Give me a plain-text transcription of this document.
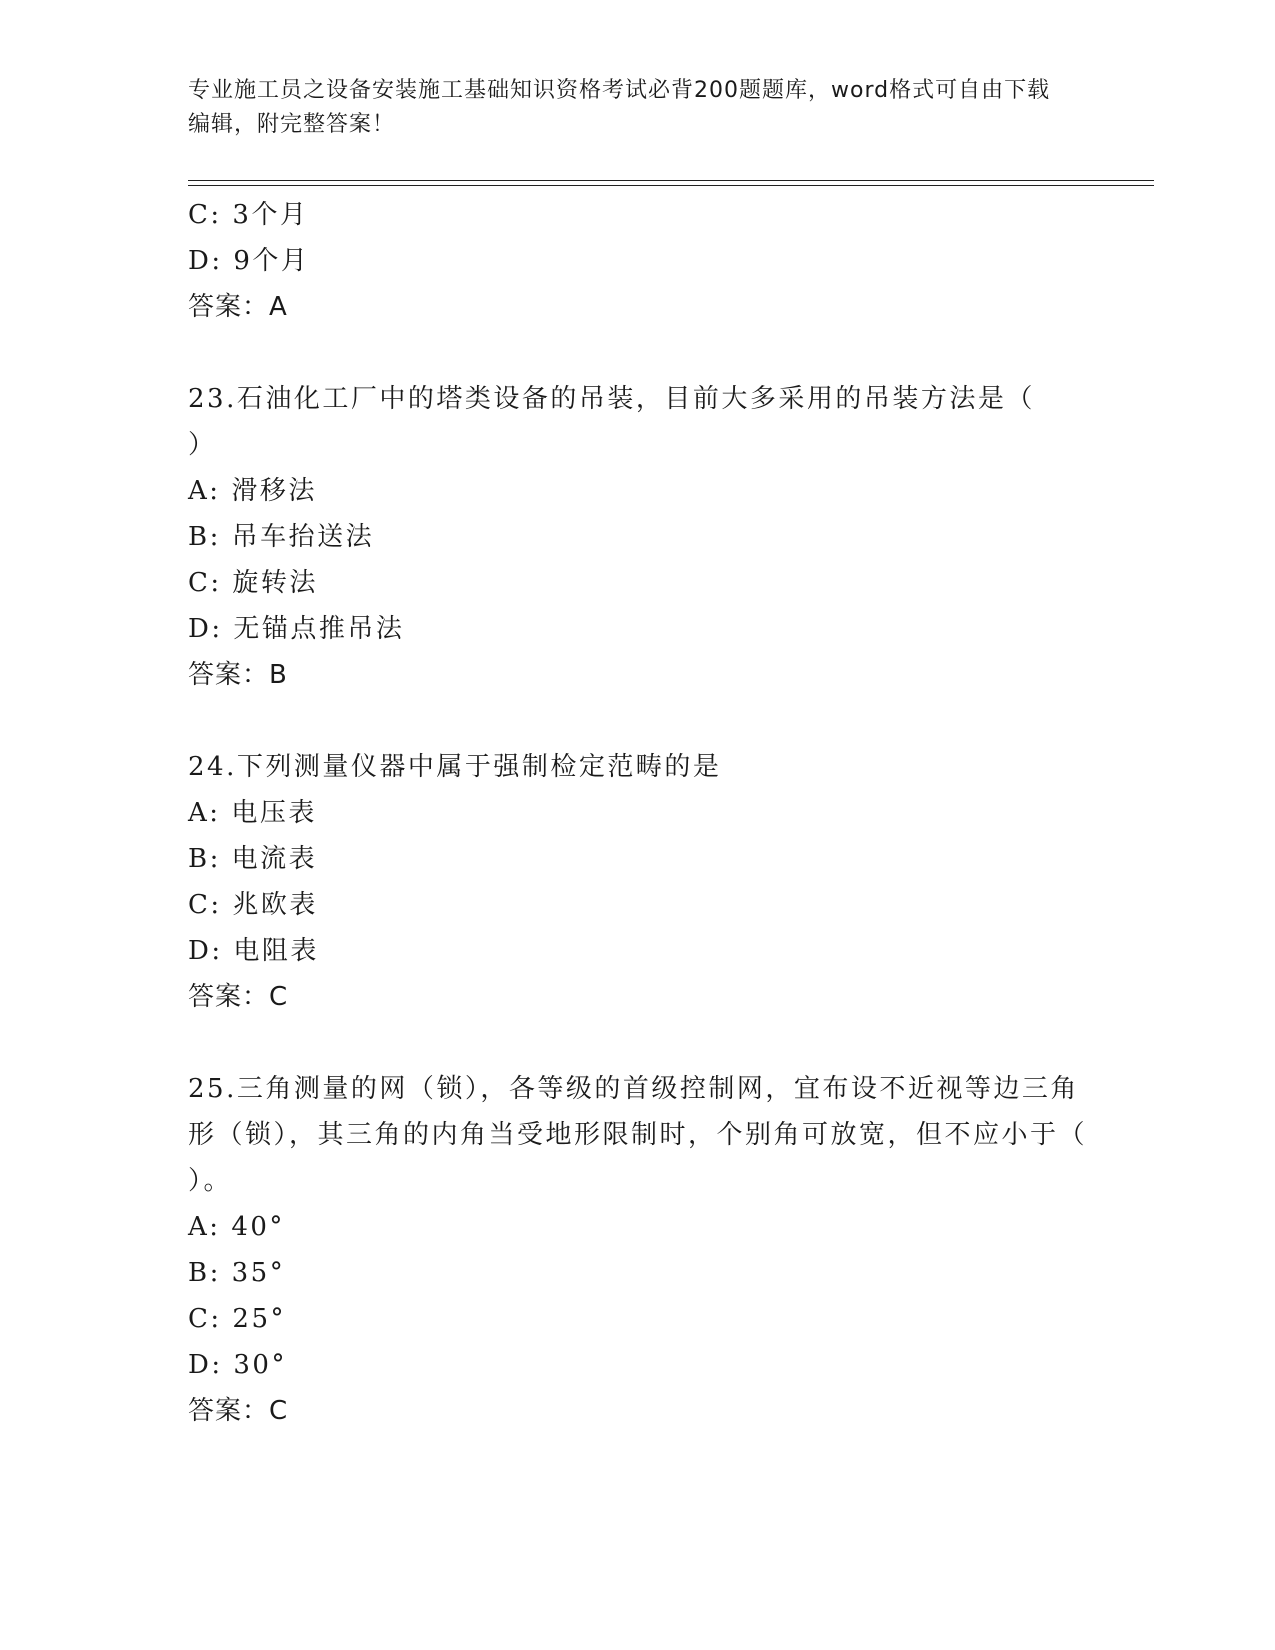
专业施工员之设备安装施工基础知识资格考试必背200题题库，word格式可自由下载编辑，附完整答案！
C: 3个月
D: 9个月
答案：A
23.石油化工厂中的塔类设备的吊装，目前大多采用的吊装方法是（ ）
A: 滑移法
B: 吊车抬送法
C: 旋转法
D: 无锚点推吊法
答案：B
24.下列测量仪器中属于强制检定范畴的是
A: 电压表
B: 电流表
C: 兆欧表
D: 电阻表
答案：C
25.三角测量的网（锁），各等级的首级控制网，宜布设不近视等边三角形（锁），其三角的内角当受地形限制时，个别角可放宽，但不应小于（ ）。
A: 40°
B: 35°
C: 25°
D: 30°
答案：C
